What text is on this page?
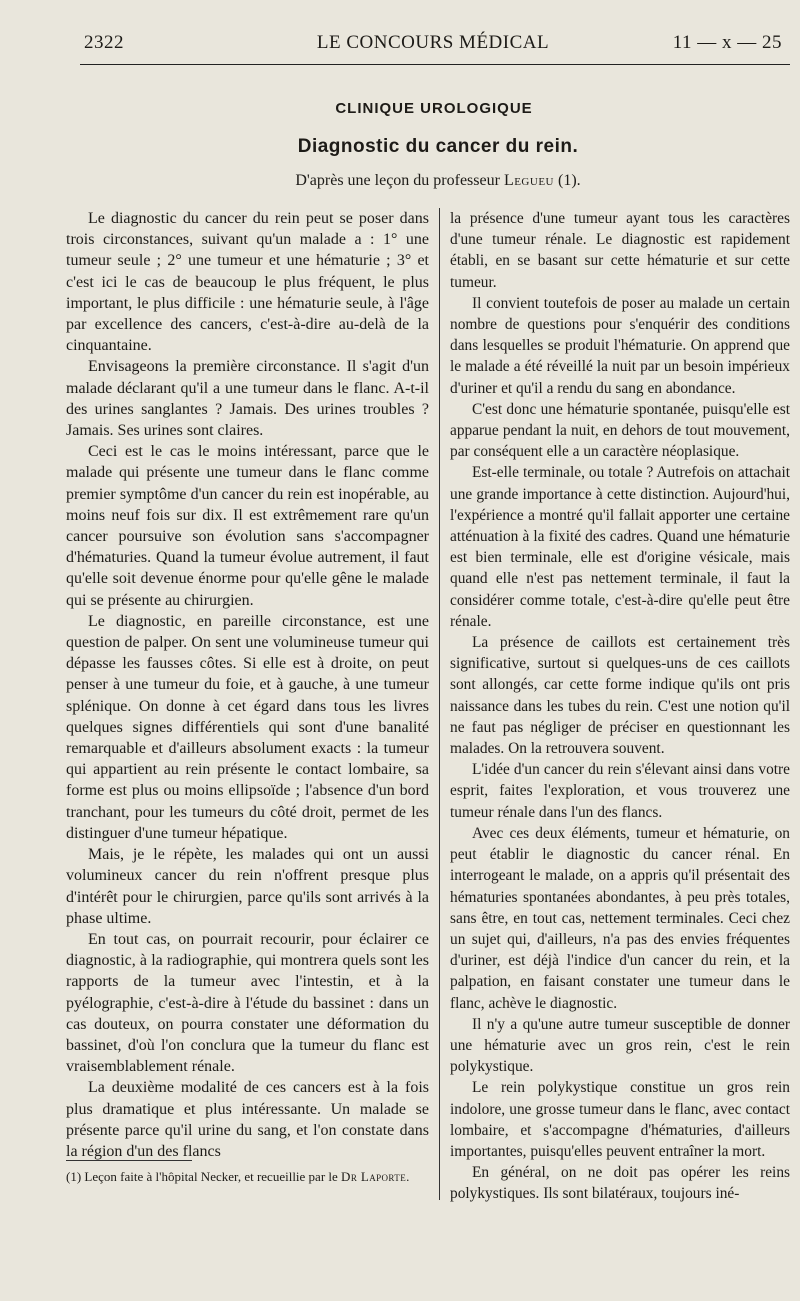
2322	LE CONCOURS MÉDICAL	11 — x — 25
CLINIQUE UROLOGIQUE
Diagnostic du cancer du rein.
D'après une leçon du professeur Legueu (1).

Le diagnostic du cancer du rein peut se poser dans trois circonstances, suivant qu'un malade a : 1° une tumeur seule ; 2° une tumeur et une hématurie ; 3° et c'est ici le cas de beaucoup le plus fréquent, le plus important, le plus difficile : une hématurie seule, à l'âge par excellence des cancers, c'est-à-dire au-delà de la cinquantaine.

Envisageons la première circonstance. Il s'agit d'un malade déclarant qu'il a une tumeur dans le flanc. A-t-il des urines sanglantes ? Jamais. Des urines troubles ? Jamais. Ses urines sont claires.

Ceci est le cas le moins intéressant, parce que le malade qui présente une tumeur dans le flanc comme premier symptôme d'un cancer du rein est inopérable, au moins neuf fois sur dix. Il est extrêmement rare qu'un cancer poursuive son évolution sans s'accompagner d'hématuries. Quand la tumeur évolue autrement, il faut qu'elle soit devenue énorme pour qu'elle gêne le malade qui se présente au chirurgien.

Le diagnostic, en pareille circonstance, est une question de palper. On sent une volumineuse tumeur qui dépasse les fausses côtes. Si elle est à droite, on peut penser à une tumeur du foie, et à gauche, à une tumeur splénique. On donne à cet égard dans tous les livres quelques signes différentiels qui sont d'une banalité remarquable et d'ailleurs absolument exacts : la tumeur qui appartient au rein présente le contact lombaire, sa forme est plus ou moins ellipsoïde ; l'absence d'un bord tranchant, pour les tumeurs du côté droit, permet de les distinguer d'une tumeur hépatique.

Mais, je le répète, les malades qui ont un aussi volumineux cancer du rein n'offrent presque plus d'intérêt pour le chirurgien, parce qu'ils sont arrivés à la phase ultime.

En tout cas, on pourrait recourir, pour éclairer ce diagnostic, à la radiographie, qui montrera quels sont les rapports de la tumeur avec l'intestin, et à la pyélographie, c'est-à-dire à l'étude du bassinet : dans un cas douteux, on pourra constater une déformation du bassinet, d'où l'on conclura que la tumeur du flanc est vraisemblablement rénale.

La deuxième modalité de ces cancers est à la fois plus dramatique et plus intéressante. Un malade se présente parce qu'il urine du sang, et l'on constate dans la région d'un des flancs

la présence d'une tumeur ayant tous les caractères d'une tumeur rénale. Le diagnostic est rapidement établi, en se basant sur cette hématurie et sur cette tumeur.

Il convient toutefois de poser au malade un certain nombre de questions pour s'enquérir des conditions dans lesquelles se produit l'hématurie. On apprend que le malade a été réveillé la nuit par un besoin impérieux d'uriner et qu'il a rendu du sang en abondance.

C'est donc une hématurie spontanée, puisqu'elle est apparue pendant la nuit, en dehors de tout mouvement, par conséquent elle a un caractère néoplasique.

Est-elle terminale, ou totale ? Autrefois on attachait une grande importance à cette distinction. Aujourd'hui, l'expérience a montré qu'il fallait apporter une certaine atténuation à la fixité des cadres. Quand une hématurie est bien terminale, elle est d'origine vésicale, mais quand elle n'est pas nettement terminale, il faut la considérer comme totale, c'est-à-dire qu'elle peut être rénale.

La présence de caillots est certainement très significative, surtout si quelques-uns de ces caillots sont allongés, car cette forme indique qu'ils ont pris naissance dans les tubes du rein. C'est une notion qu'il ne faut pas négliger de préciser en questionnant les malades. On la retrouvera souvent.

L'idée d'un cancer du rein s'élevant ainsi dans votre esprit, faites l'exploration, et vous trouverez une tumeur rénale dans l'un des flancs.

Avec ces deux éléments, tumeur et hématurie, on peut établir le diagnostic du cancer rénal. En interrogeant le malade, on a appris qu'il présentait des hématuries spontanées abondantes, à peu près totales, sans être, en tout cas, nettement terminales. Ceci chez un sujet qui, d'ailleurs, n'a pas des envies fréquentes d'uriner, est déjà l'indice d'un cancer du rein, et la palpation, en faisant constater une tumeur dans le flanc, achève le diagnostic.

Il n'y a qu'une autre tumeur susceptible de donner une hématurie avec un gros rein, c'est le rein polykystique.

Le rein polykystique constitue un gros rein indolore, une grosse tumeur dans le flanc, avec contact lombaire, et s'accompagne d'hématuries, d'ailleurs importantes, puisqu'elles peuvent entraîner la mort.

En général, on ne doit pas opérer les reins polykystiques. Ils sont bilatéraux, toujours iné-

(1) Leçon faite à l'hôpital Necker, et recueillie par le Dr Laporte.
